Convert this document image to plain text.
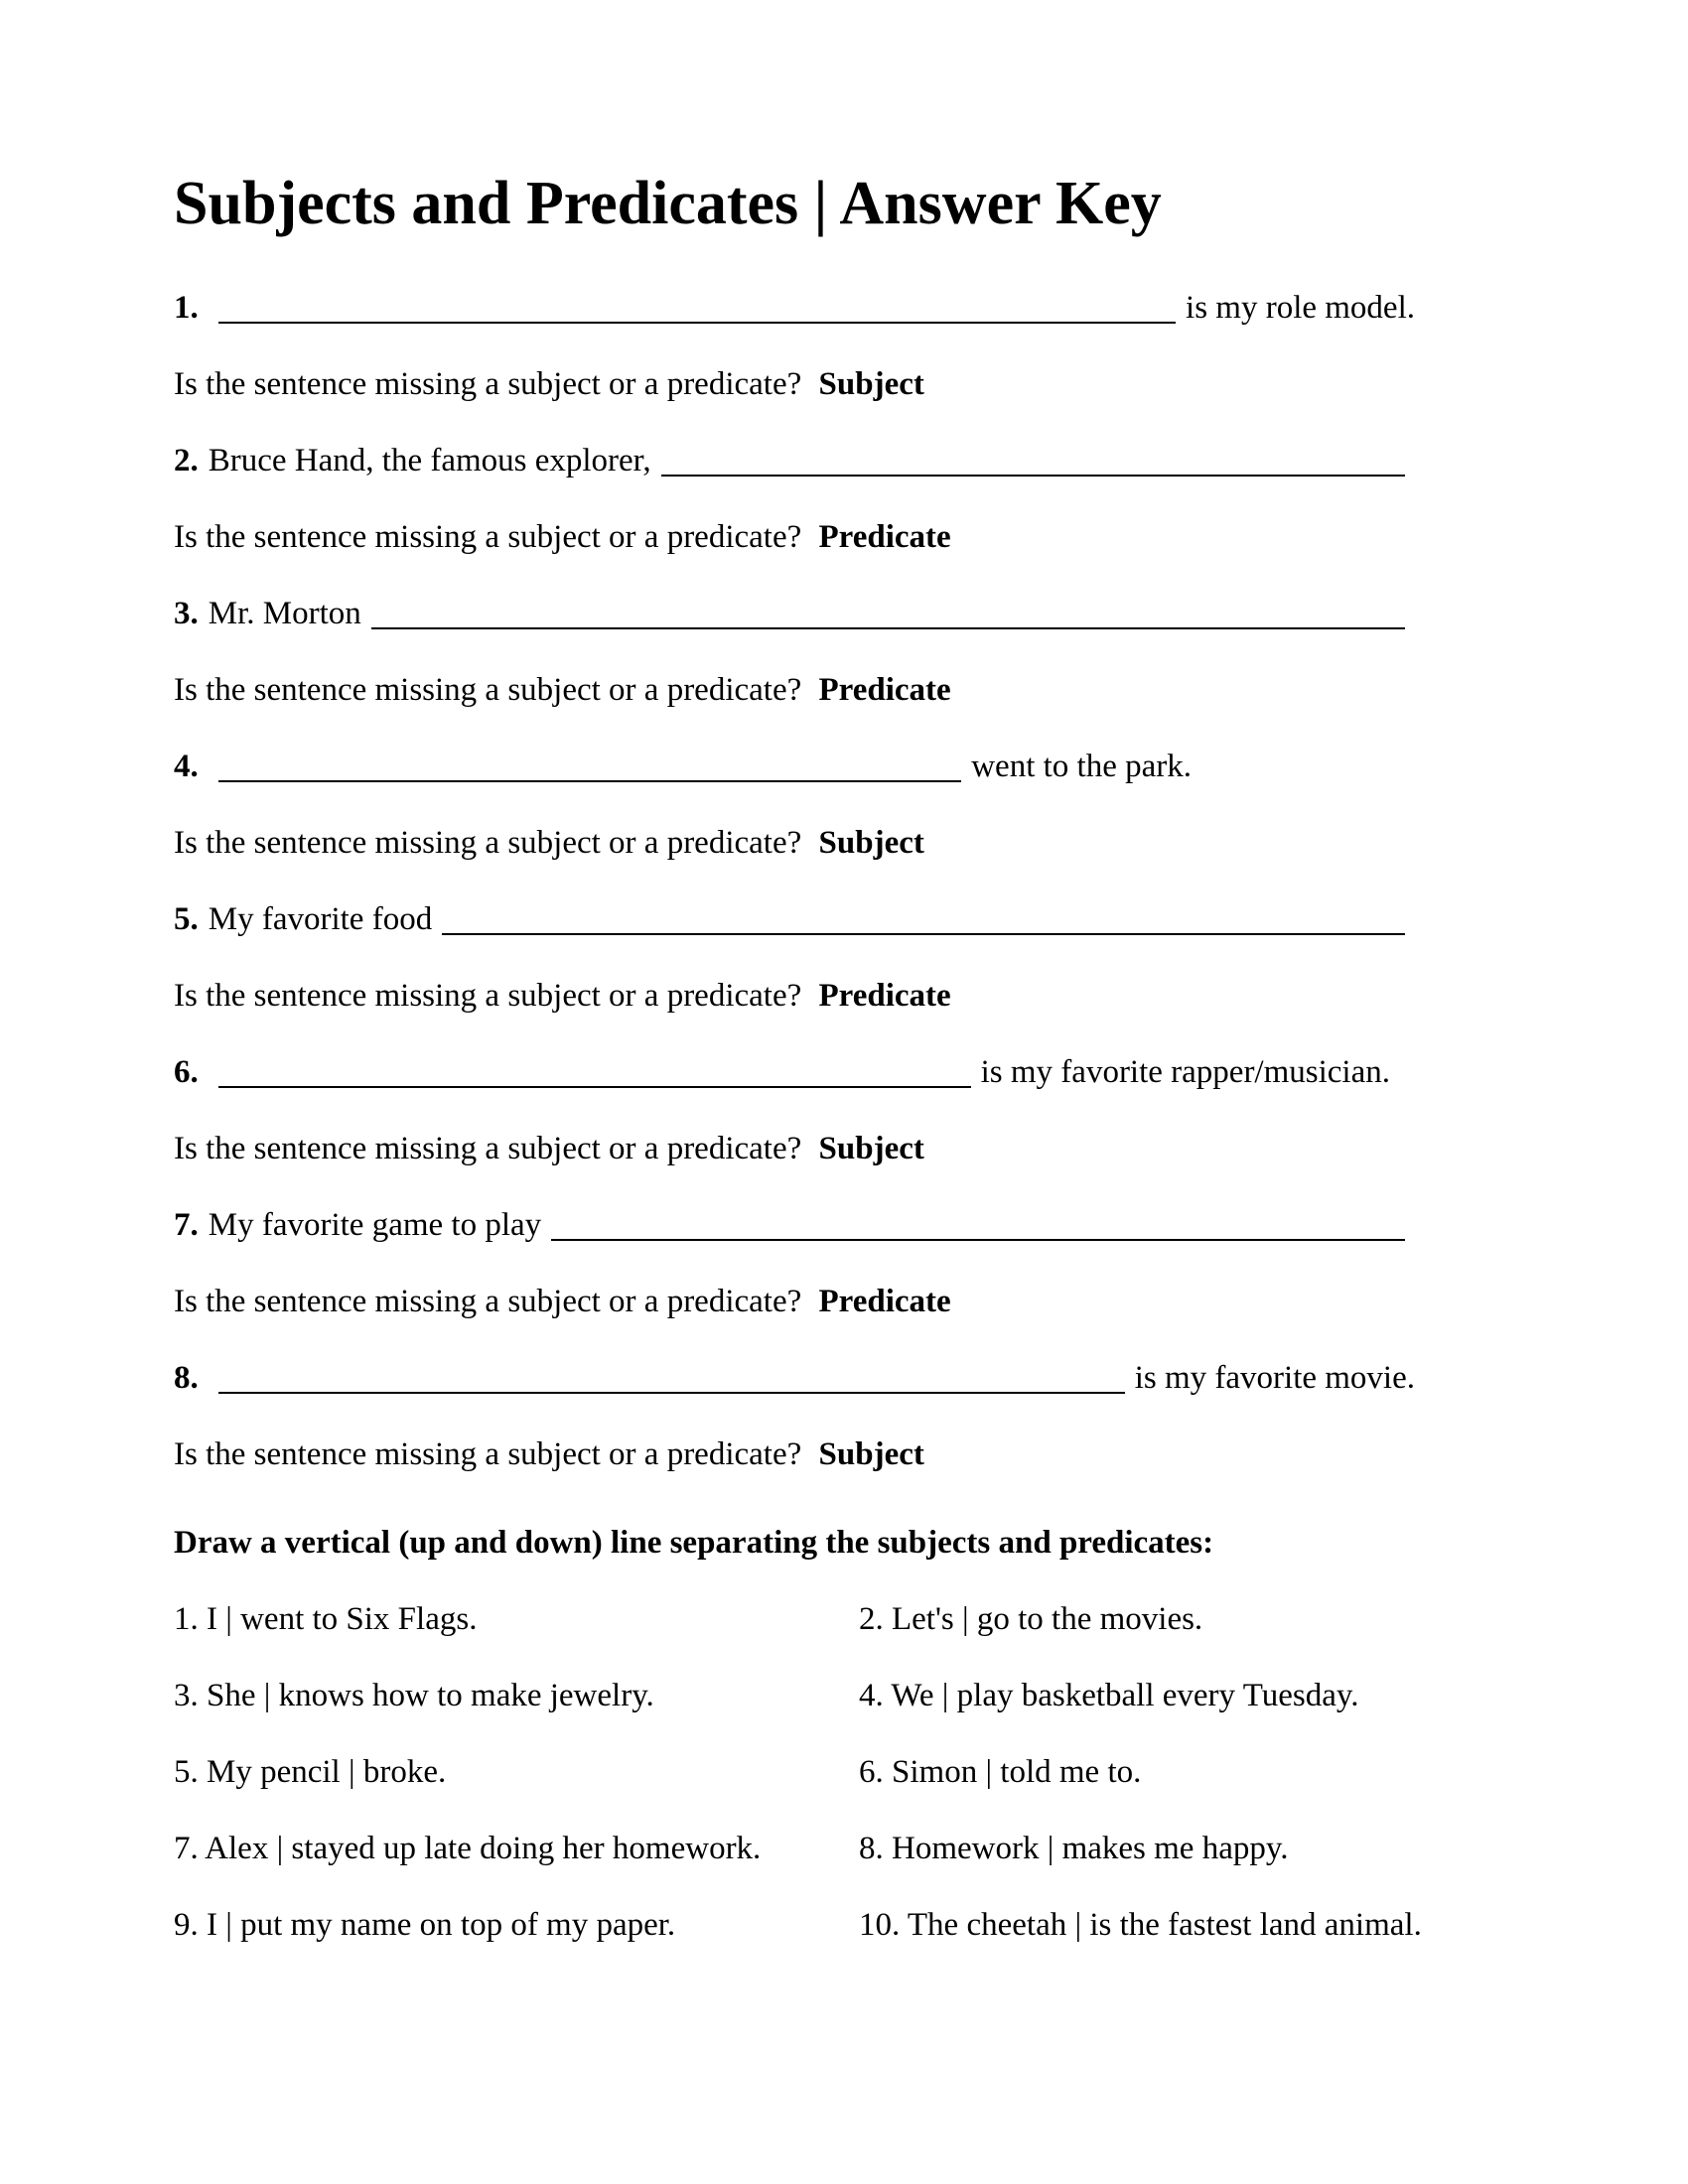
Subjects and Predicates | Answer Key
1.	is my role model.

Is the sentence missing a subject or a predicate? Subject

2. Bruce Hand, the famous explorer,

Is the sentence missing a subject or a predicate? Predicate

3. Mr. Morton

Is the sentence missing a subject or a predicate? Predicate

4.	went to the park.

Is the sentence missing a subject or a predicate? Subject

5. My favorite food

Is the sentence missing a subject or a predicate? Predicate

6.	is my favorite rapper/musician.

Is the sentence missing a subject or a predicate? Subject

7. My favorite game to play

Is the sentence missing a subject or a predicate? Predicate

8.	is my favorite movie.

Is the sentence missing a subject or a predicate? Subject

Draw a vertical (up and down) line separating the subjects and predicates:

1. I | went to Six Flags.	2. Let's | go to the movies.

3. She | knows how to make jewelry.	4. We | play basketball every Tuesday.

5. My pencil | broke.	6. Simon | told me to.

7. Alex | stayed up late doing her homework.	8. Homework | makes me happy.

9. I | put my name on top of my paper.	10. The cheetah | is the fastest land animal.
